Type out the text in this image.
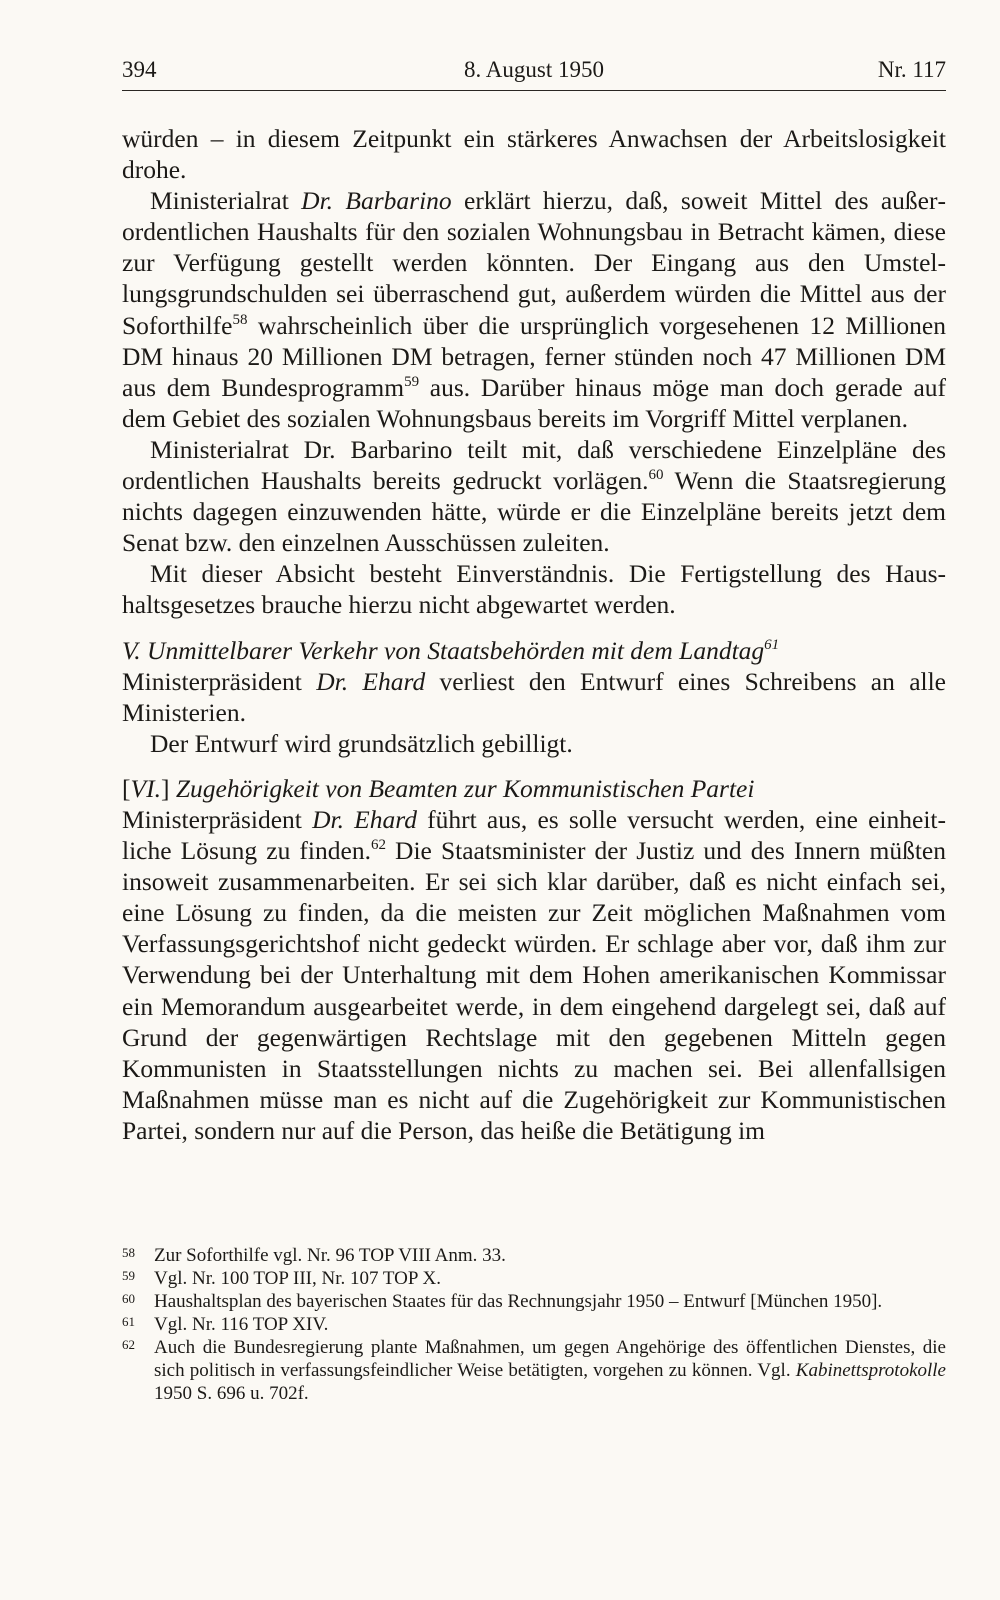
394	8. August 1950	Nr. 117

würden – in diesem Zeitpunkt ein stärkeres Anwachsen der Arbeitslosigkeit drohe.

Ministerialrat Dr. Barbarino erklärt hierzu, daß, soweit Mittel des außerordentlichen Haushalts für den sozialen Wohnungsbau in Betracht kämen, diese zur Verfügung gestellt werden könnten. Der Eingang aus den Umstellungsgrundschulden sei überraschend gut, außerdem würden die Mittel aus der Soforthilfe$^{58}$ wahrscheinlich über die ursprünglich vorgesehenen 12 Millionen DM hinaus 20 Millionen DM betragen, ferner stünden noch 47 Millionen DM aus dem Bundesprogramm$^{59}$ aus. Darüber hinaus möge man doch gerade auf dem Gebiet des sozialen Wohnungsbaus bereits im Vorgriff Mittel verplanen.

Ministerialrat Dr. Barbarino teilt mit, daß verschiedene Einzelpläne des ordentlichen Haushalts bereits gedruckt vorlägen.$^{60}$ Wenn die Staatsregierung nichts dagegen einzuwenden hätte, würde er die Einzelpläne bereits jetzt dem Senat bzw. den einzelnen Ausschüssen zuleiten.

Mit dieser Absicht besteht Einverständnis. Die Fertigstellung des Haushaltsgesetzes brauche hierzu nicht abgewartet werden.

V. Unmittelbarer Verkehr von Staatsbehörden mit dem Landtag$^{61}$

Ministerpräsident Dr. Ehard verliest den Entwurf eines Schreibens an alle Ministerien.

Der Entwurf wird grundsätzlich gebilligt.

[VI.] Zugehörigkeit von Beamten zur Kommunistischen Partei

Ministerpräsident Dr. Ehard führt aus, es solle versucht werden, eine einheitliche Lösung zu finden.$^{62}$ Die Staatsminister der Justiz und des Innern müßten insoweit zusammenarbeiten. Er sei sich klar darüber, daß es nicht einfach sei, eine Lösung zu finden, da die meisten zur Zeit möglichen Maßnahmen vom Verfassungsgerichtshof nicht gedeckt würden. Er schlage aber vor, daß ihm zur Verwendung bei der Unterhaltung mit dem Hohen amerikanischen Kommissar ein Memorandum ausgearbeitet werde, in dem eingehend dargelegt sei, daß auf Grund der gegenwärtigen Rechtslage mit den gegebenen Mitteln gegen Kommunisten in Staatsstellungen nichts zu machen sei. Bei allenfallsigen Maßnahmen müsse man es nicht auf die Zugehörigkeit zur Kommunistischen Partei, sondern nur auf die Person, das heiße die Betätigung im

58 Zur Soforthilfe vgl. Nr. 96 TOP VIII Anm. 33.
59 Vgl. Nr. 100 TOP III, Nr. 107 TOP X.
60 Haushaltsplan des bayerischen Staates für das Rechnungsjahr 1950 – Entwurf [München 1950].
61 Vgl. Nr. 116 TOP XIV.
62 Auch die Bundesregierung plante Maßnahmen, um gegen Angehörige des öffentlichen Dienstes, die sich politisch in verfassungsfeindlicher Weise betätigten, vorgehen zu können. Vgl. Kabinettsprotokolle 1950 S. 696 u. 702f.
